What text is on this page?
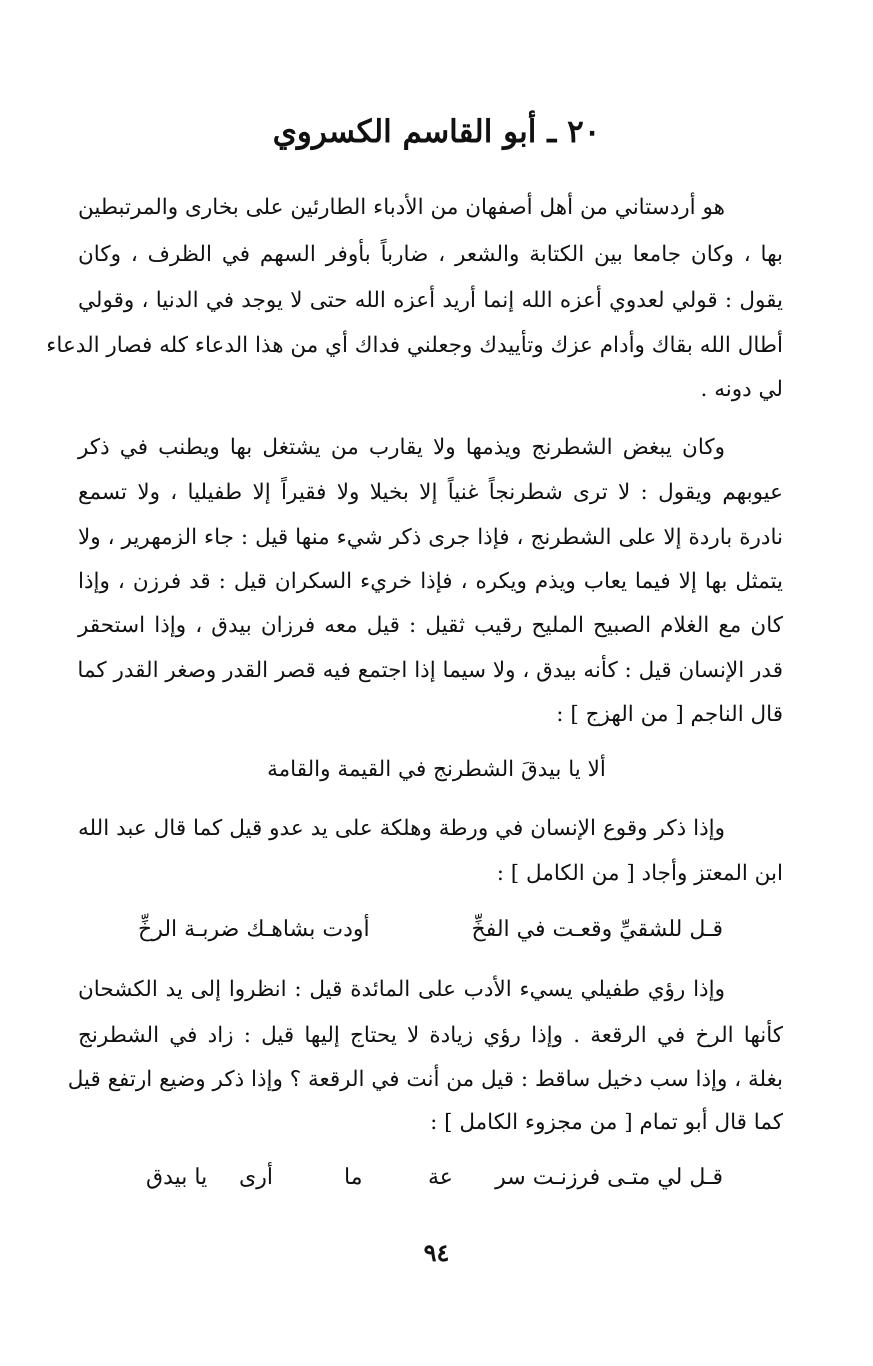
٢٠ ـ أبو القاسم الكسروي
هو أردستاني من أهل أصفهان من الأدباء الطارئين على بخارى والمرتبطين
بها ، وكان جامعا بين الكتابة والشعر ، ضارباً بأوفر السهم في الظرف ، وكان
يقول : قولي لعدوي أعزه الله إنما أريد أعزه الله حتى لا يوجد في الدنيا ، وقولي
أطال الله بقاك وأدام عزك وتأييدك وجعلني فداك أي من هذا الدعاء كله فصار الدعاء
لي دونه .
وكان يبغض الشطرنج ويذمها ولا يقارب من يشتغل بها ويطنب في ذكر
عيوبهم ويقول : لا ترى شطرنجاً غنياً إلا بخيلا ولا فقيراً إلا طفيليا ، ولا تسمع
نادرة باردة إلا على الشطرنج ، فإذا جرى ذكر شيء منها قيل : جاء الزمهرير ، ولا
يتمثل بها إلا فيما يعاب ويذم ويكره ، فإذا خريء السكران قيل : قد فرزن ، وإذا
كان مع الغلام الصبيح المليح رقيب ثقيل : قيل معه فرزان بيدق ، وإذا استحقر
قدر الإنسان قيل : كأنه بيدق ، ولا سيما إذا اجتمع فيه قصر القدر وصغر القدر كما
قال الناجم [ من الهزج ] :
ألا يا بيدقَ الشطرنج في القيمة والقامة
وإذا ذكر وقوع الإنسان في ورطة وهلكة على يد عدو قيل كما قال عبد الله
ابن المعتز وأجاد [ من الكامل ] :
قـل للشقيِّ وقعـت في الفخِّ
أودت بشاهـك ضربـة الرخِّ
وإذا رؤي طفيلي يسيء الأدب على المائدة قيل : انظروا إلى يد الكشحان
كأنها الرخ في الرقعة . وإذا رؤي زيادة لا يحتاج إليها قيل : زاد في الشطرنج
بغلة ، وإذا سب دخيل ساقط : قيل من أنت في الرقعة ؟ وإذا ذكر وضيع ارتفع قيل
كما قال أبو تمام [ من مجزوء الكامل ] :
قـل لي متـى فرزنـت سر
عة
ما
أرى
يا بيدق
٩٤
